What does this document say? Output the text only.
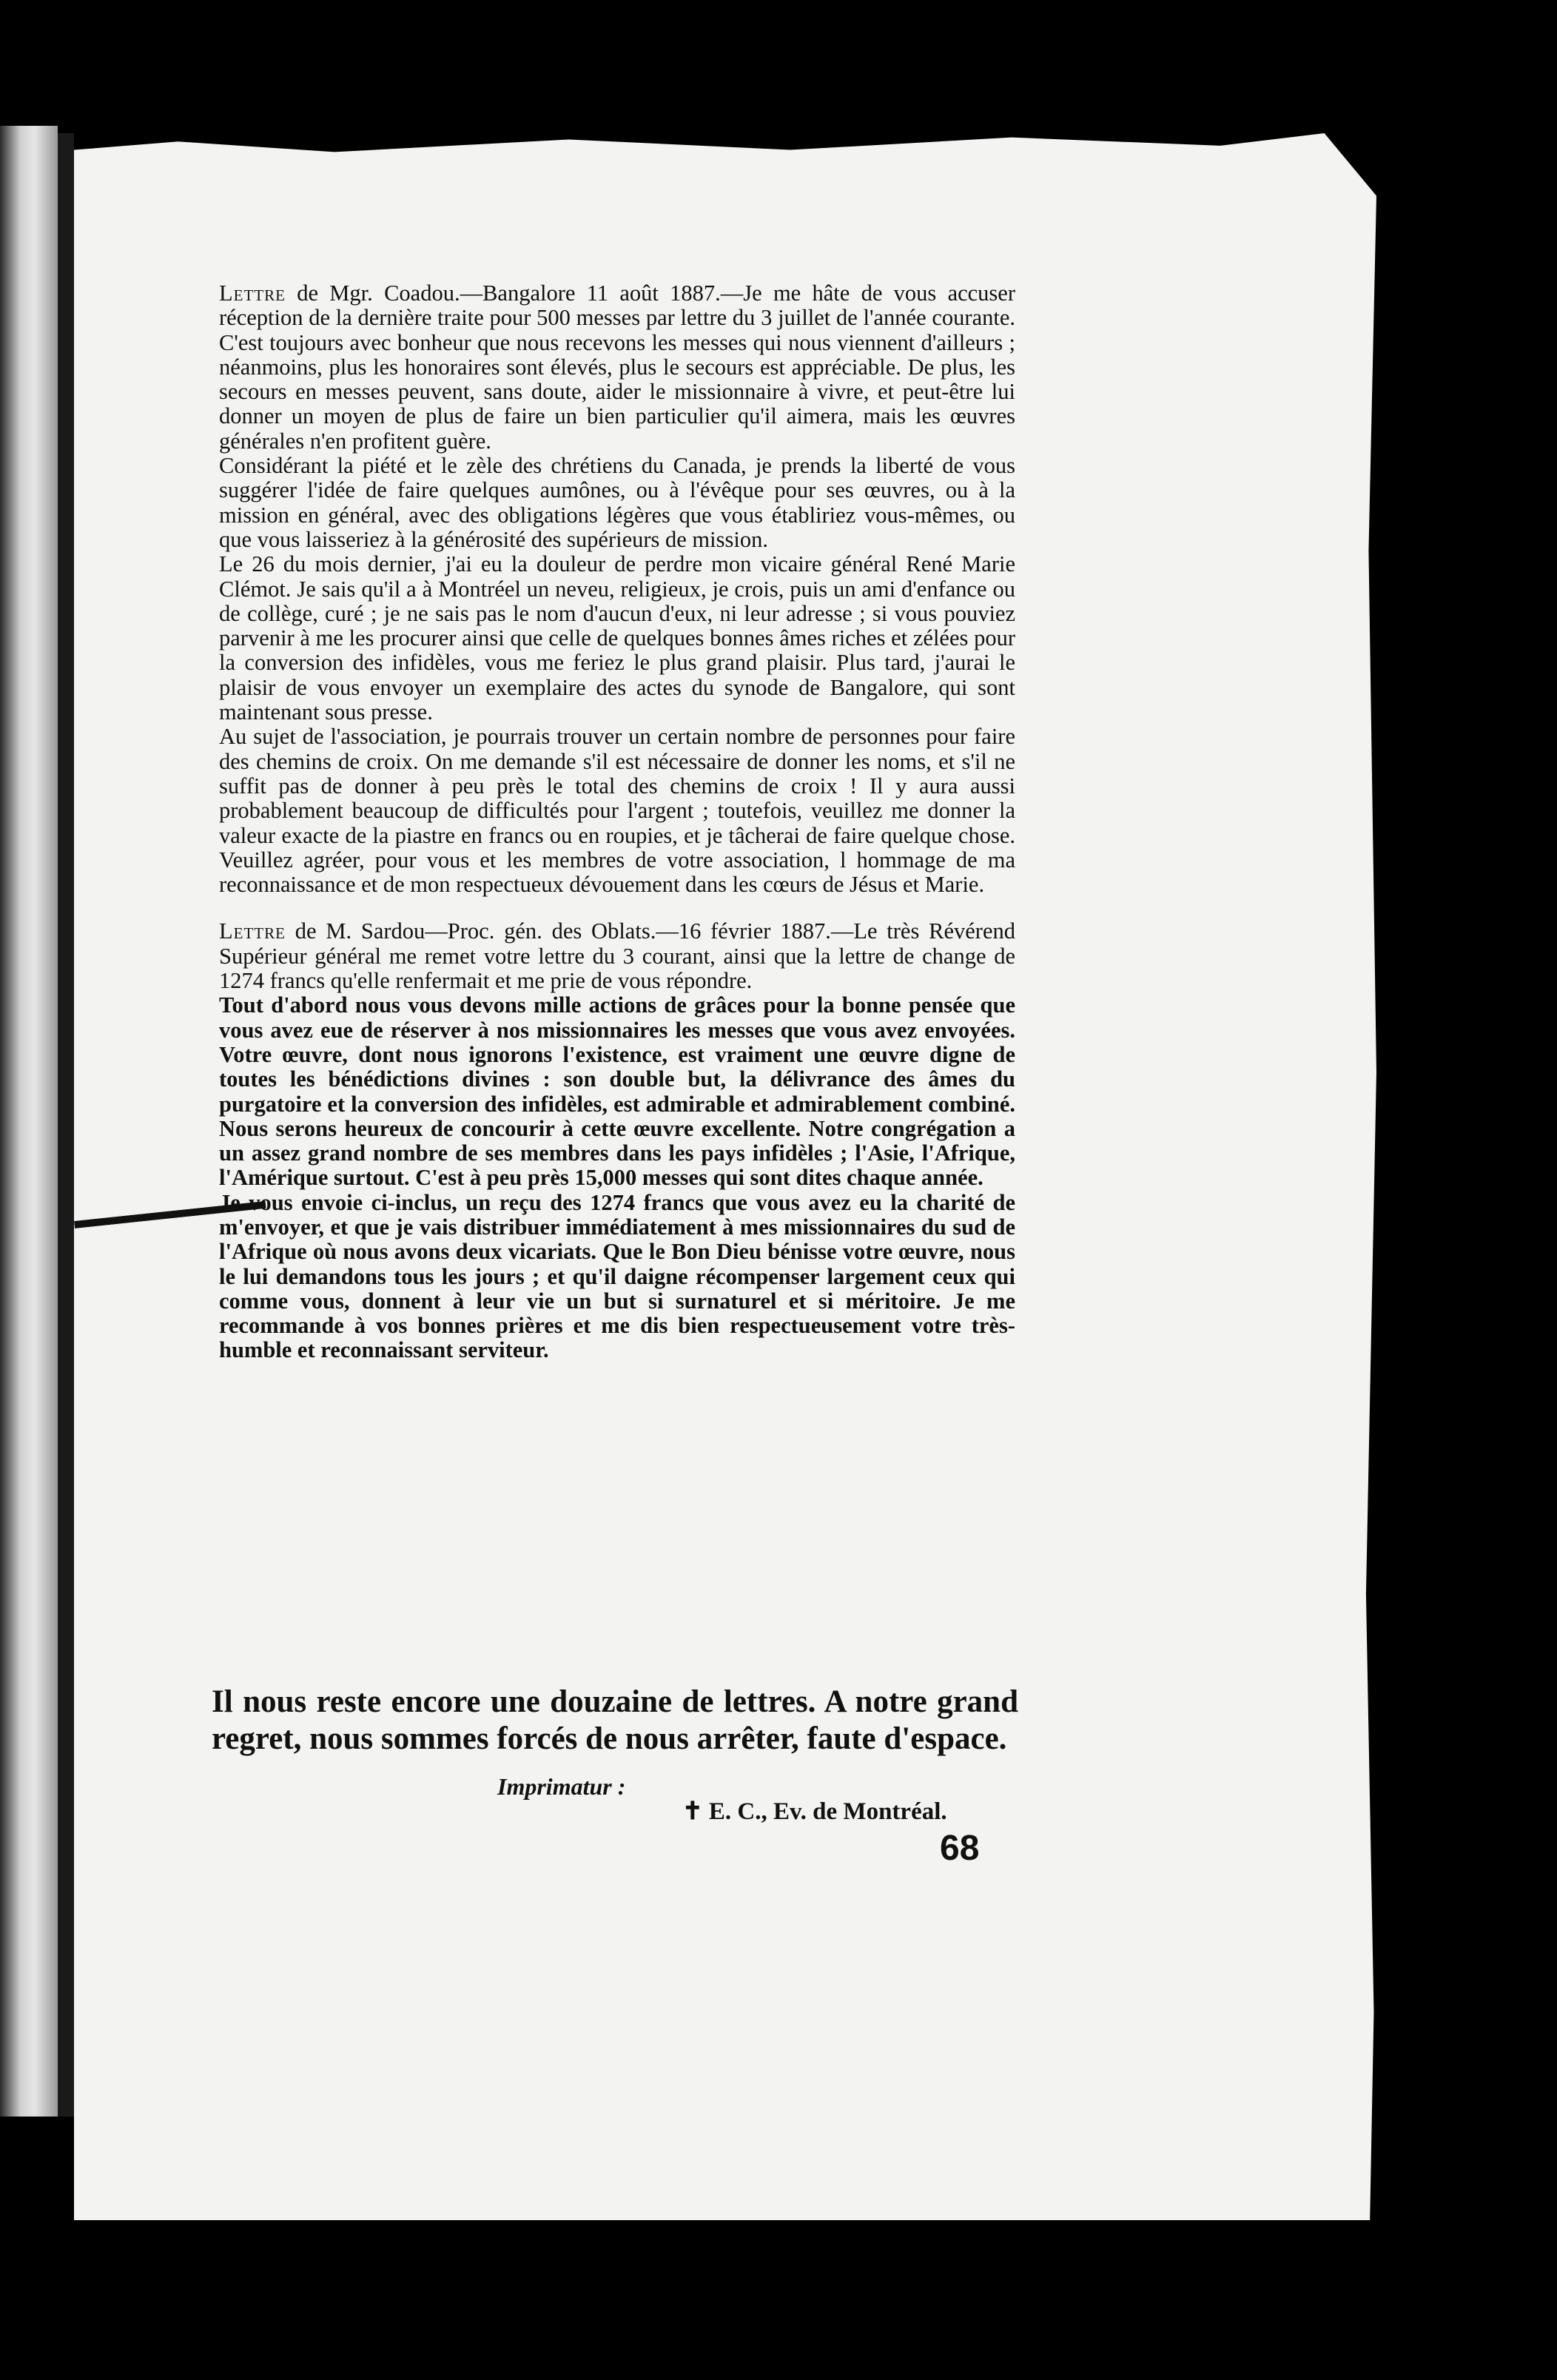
Lettre de Mgr. Coadou.—Bangalore 11 août 1887.—Je me hâte de vous accuser réception de la dernière traite pour 500 messes par lettre du 3 juillet de l'année courante. C'est toujours avec bonheur que nous recevons les messes qui nous viennent d'ailleurs ; néanmoins, plus les honoraires sont élevés, plus le secours est appréciable. De plus, les secours en messes peuvent, sans doute, aider le missionnaire à vivre, et peut-être lui donner un moyen de plus de faire un bien particulier qu'il aimera, mais les œuvres générales n'en profitent guère.

Considérant la piété et le zèle des chrétiens du Canada, je prends la liberté de vous suggérer l'idée de faire quelques aumônes, ou à l'évêque pour ses œuvres, ou à la mission en général, avec des obligations légères que vous établiriez vous-mêmes, ou que vous laisseriez à la générosité des supérieurs de mission.

Le 26 du mois dernier, j'ai eu la douleur de perdre mon vicaire général René Marie Clémot. Je sais qu'il a à Montréel un neveu, religieux, je crois, puis un ami d'enfance ou de collège, curé ; je ne sais pas le nom d'aucun d'eux, ni leur adresse ; si vous pouviez parvenir à me les procurer ainsi que celle de quelques bonnes âmes riches et zélées pour la conversion des infidèles, vous me feriez le plus grand plaisir. Plus tard, j'aurai le plaisir de vous envoyer un exemplaire des actes du synode de Bangalore, qui sont maintenant sous presse.

Au sujet de l'association, je pourrais trouver un certain nombre de personnes pour faire des chemins de croix. On me demande s'il est nécessaire de donner les noms, et s'il ne suffit pas de donner à peu près le total des chemins de croix ! Il y aura aussi probablement beaucoup de difficultés pour l'argent ; toutefois, veuillez me donner la valeur exacte de la piastre en francs ou en roupies, et je tâcherai de faire quelque chose. Veuillez agréer, pour vous et les membres de votre association, l hommage de ma reconnaissance et de mon respectueux dévouement dans les cœurs de Jésus et Marie.

Lettre de M. Sardou—Proc. gén. des Oblats.—16 février 1887.—Le très Révérend Supérieur général me remet votre lettre du 3 courant, ainsi que la lettre de change de 1274 francs qu'elle renfermait et me prie de vous répondre.

Tout d'abord nous vous devons mille actions de grâces pour la bonne pensée que vous avez eue de réserver à nos missionnaires les messes que vous avez envoyées. Votre œuvre, dont nous ignorons l'existence, est vraiment une œuvre digne de toutes les bénédictions divines : son double but, la délivrance des âmes du purgatoire et la conversion des infidèles, est admirable et admirablement combiné. Nous serons heureux de concourir à cette œuvre excellente. Notre congrégation a un assez grand nombre de ses membres dans les pays infidèles ; l'Asie, l'Afrique, l'Amérique surtout. C'est à peu près 15,000 messes qui sont dites chaque année.

Je vous envoie ci-inclus, un reçu des 1274 francs que vous avez eu la charité de m'envoyer, et que je vais distribuer immédiatement à mes missionnaires du sud de l'Afrique où nous avons deux vicariats. Que le Bon Dieu bénisse votre œuvre, nous le lui demandons tous les jours ; et qu'il daigne récompenser largement ceux qui comme vous, donnent à leur vie un but si surnaturel et si méritoire. Je me recommande à vos bonnes prières et me dis bien respectueusement votre très-humble et reconnaissant serviteur.

Il nous reste encore une douzaine de lettres. A notre grand regret, nous sommes forcés de nous arrêter, faute d'espace.
Imprimatur :
✝ E. C., Ev. de Montréal.
68
